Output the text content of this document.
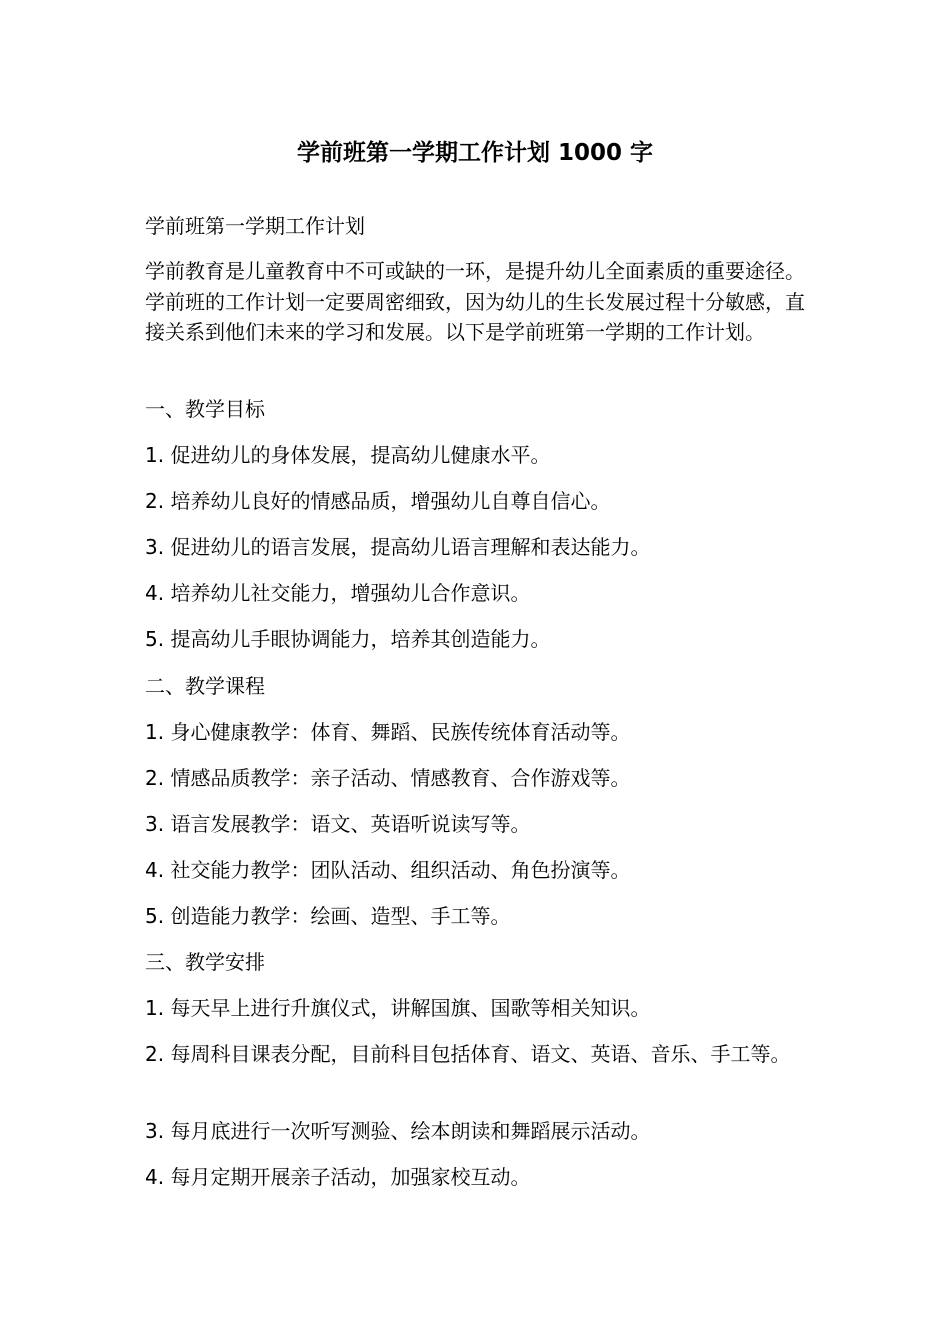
学前班第一学期工作计划 1000 字

学前班第一学期工作计划

学前教育是儿童教育中不可或缺的一环，是提升幼儿全面素质的重要途径。学前班的工作计划一定要周密细致，因为幼儿的生长发展过程十分敏感，直接关系到他们未来的学习和发展。以下是学前班第一学期的工作计划。

一、教学目标

1. 促进幼儿的身体发展，提高幼儿健康水平。

2. 培养幼儿良好的情感品质，增强幼儿自尊自信心。

3. 促进幼儿的语言发展，提高幼儿语言理解和表达能力。

4. 培养幼儿社交能力，增强幼儿合作意识。

5. 提高幼儿手眼协调能力，培养其创造能力。

二、教学课程

1. 身心健康教学：体育、舞蹈、民族传统体育活动等。

2. 情感品质教学：亲子活动、情感教育、合作游戏等。

3. 语言发展教学：语文、英语听说读写等。

4. 社交能力教学：团队活动、组织活动、角色扮演等。

5. 创造能力教学：绘画、造型、手工等。

三、教学安排

1. 每天早上进行升旗仪式，讲解国旗、国歌等相关知识。

2. 每周科目课表分配，目前科目包括体育、语文、英语、音乐、手工等。

3. 每月底进行一次听写测验、绘本朗读和舞蹈展示活动。

4. 每月定期开展亲子活动，加强家校互动。
